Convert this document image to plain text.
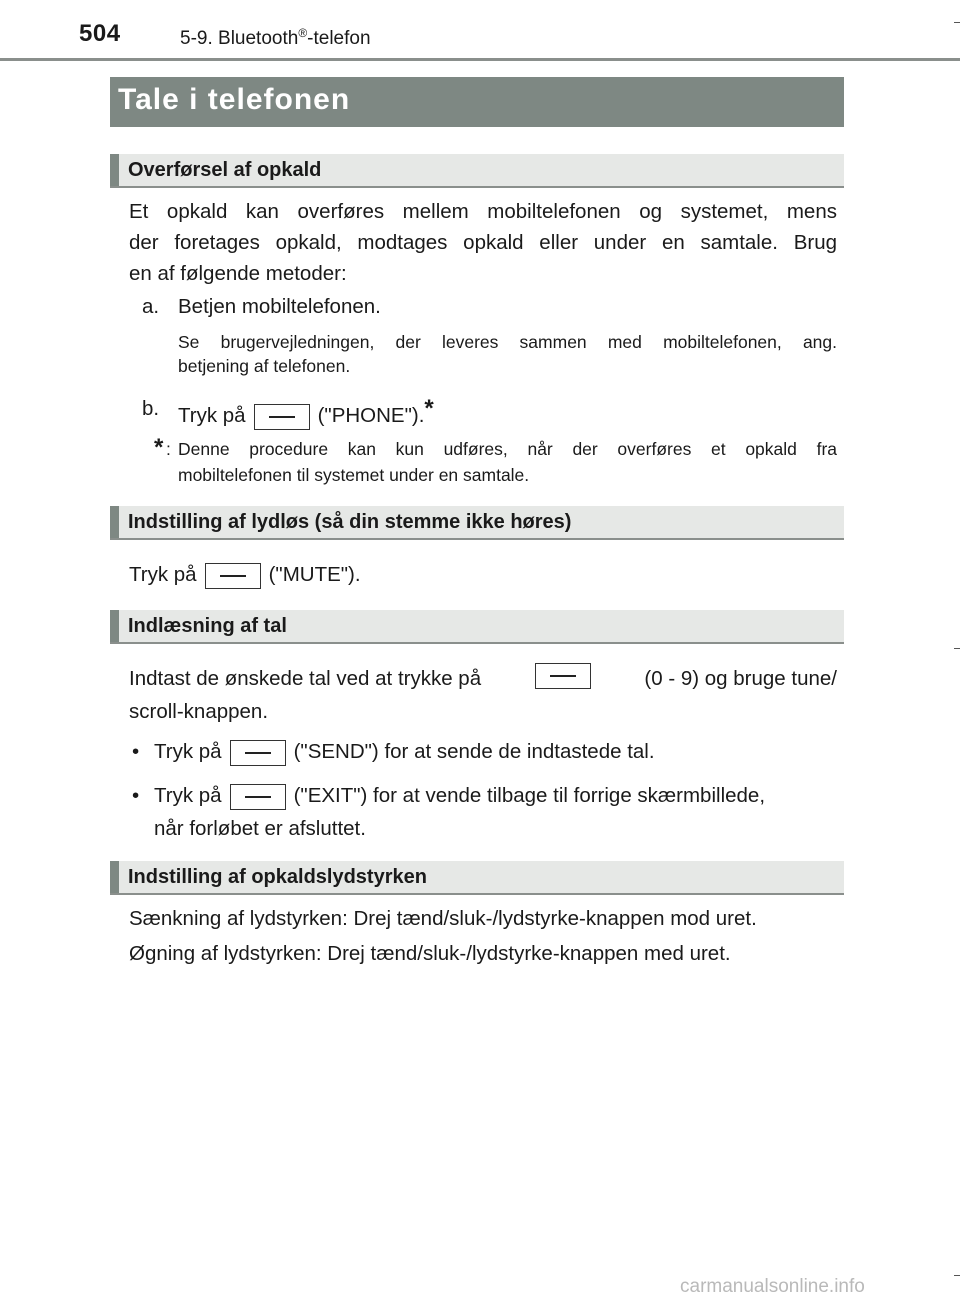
504	5-9. Bluetooth®-telefon
Tale i telefonen
Overførsel af opkald
Et opkald kan overføres mellem mobiltelefonen og systemet, mens
der foretages opkald, modtages opkald eller under en samtale. Brug
en af følgende metoder:
a. Betjen mobiltelefonen.
Se brugervejledningen, der leveres sammen med mobiltelefonen, ang.
betjening af telefonen.
b. Tryk på	("PHONE").*
* : Denne procedure kan kun udføres, når der overføres et opkald fra
mobiltelefonen til systemet under en samtale.
Indstilling af lydløs (så din stemme ikke høres)
Tryk på	("MUTE").
Indlæsning af tal
Indtast de ønskede tal ved at trykke på	(0 - 9) og bruge tune/
scroll-knappen.
• Tryk på	("SEND") for at sende de indtastede tal.
• Tryk på	("EXIT") for at vende tilbage til forrige skærmbillede,
når forløbet er afsluttet.
Indstilling af opkaldslydstyrken
Sænkning af lydstyrken: Drej tænd/sluk-/lydstyrke-knappen mod uret.
Øgning af lydstyrken: Drej tænd/sluk-/lydstyrke-knappen med uret.
carmanualsonline.info
